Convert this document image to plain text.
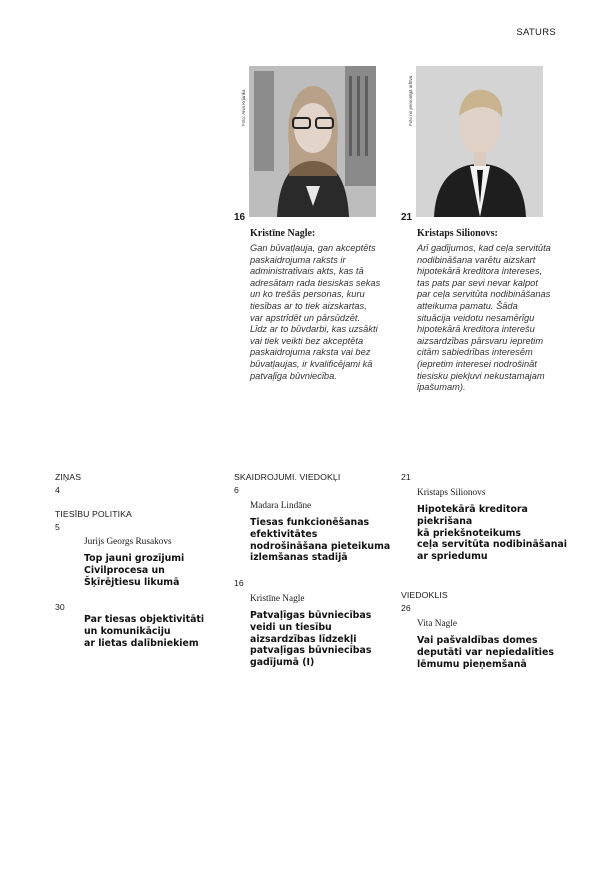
SATURS
Foto: Aiva Krjanka
16
Kristīne Nagle:
Gan būvatļauja, gan akceptēts
paskaidrojuma raksts ir
administratīvais akts, kas tā
adresātam rada tiesiskas sekas
un ko trešās personas, kuru
tiesības ar to tiek aizskartas,
var apstrīdēt un pārsūdzēt.
Līdz ar to būvdarbi, kas uzsākti
vai tiek veikti bez akceptēta
paskaidrojuma raksta vai bez
būvatļaujas, ir kvalificējami kā
patvaļīga būvniecība.
Foto no personīgā arhīva
21
Kristaps Silionovs:
Arī gadījumos, kad ceļa servitūta
nodibināšana varētu aizskart
hipotekārā kreditora intereses,
tas pats par sevi nevar kalpot
par ceļa servitūta nodibināšanas
atteikuma pamatu. Šāda
situācija veidotu nesamērīgu
hipotekārā kreditora interešu
aizsardzības pārsvaru iepretim
citām sabiedrības interesēm
(iepretim interesei nodrošināt
tiesisku piekļuvi nekustamajam
īpašumam).
ZIŅAS
4
TIESĪBU POLITIKA
5
Jurijs Georgs Rusakovs
Top jauni grozījumi
Civilprocesa un
Šķīrējtiesu likumā
30
Par tiesas objektivitāti
un komunikāciju
ar lietas dalībniekiem
SKAIDROJUMI. VIEDOKĻI
6
Madara Lindāne
Tiesas funkcionēšanas
efektivitātes
nodrošināšana pieteikuma
izlemšanas stadijā
16
Kristīne Nagle
Patvaļīgas būvniecības
veidi un tiesību
aizsardzības līdzekļi
patvaļīgas būvniecības
gadījumā (I)
21
Kristaps Silionovs
Hipotekārā kreditora
piekrišana
kā priekšnoteikums
ceļa servitūta nodibināšanai
ar spriedumu
VIEDOKLIS
26
Vita Nagle
Vai pašvaldības domes
deputāti var nepiedalīties
lēmumu pieņemšanā
